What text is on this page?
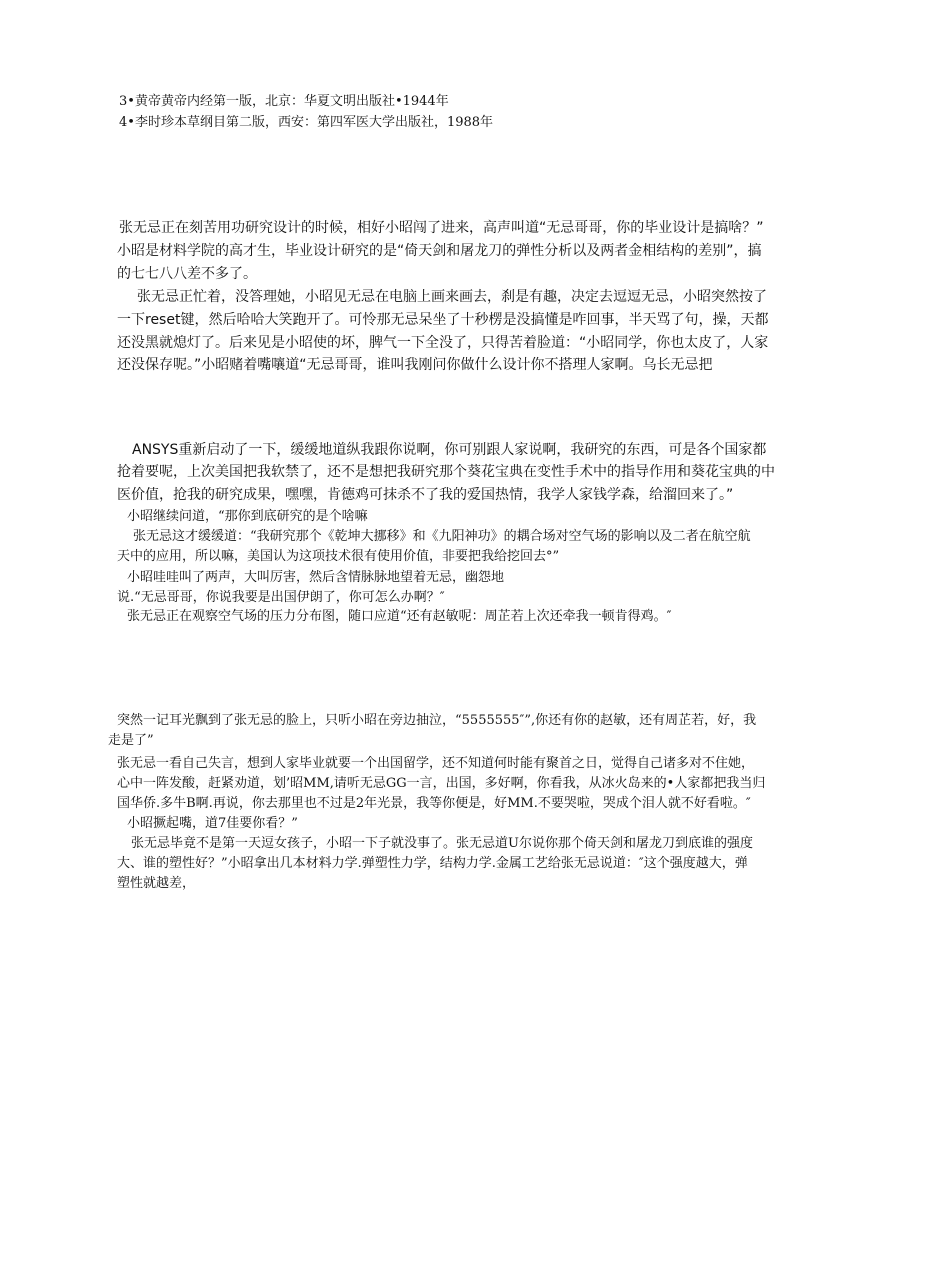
3•黄帝黄帝内经第一版，北京：华夏文明出版社•1944年
4•李时珍本草纲目第二版，西安：第四军医大学出版社，1988年
张无忌正在刻苦用功研究设计的时候，相好小昭闯了进来，高声叫道“无忌哥哥，你的毕业设计是搞啥？”
小昭是材料学院的高才生，毕业设计研究的是“倚天剑和屠龙刀的弹性分析以及两者金相结构的差别”，搞
的七七八八差不多了。
张无忌正忙着，没答理她，小昭见无忌在电脑上画来画去，刹是有趣，决定去逗逗无忌，小昭突然按了
一下reset键，然后哈哈大笑跑开了。可怜那无忌呆坐了十秒楞是没搞懂是咋回事，半天骂了句，操，天都
还没黑就熄灯了。后来见是小昭使的坏，脾气一下全没了，只得苦着脸道：“小昭同学，你也太皮了，人家
还没保存呢。”小昭赌着嘴嚷道“无忌哥哥，谁叫我刚问你做什么设计你不搭理人家啊。乌长无忌把
ANSYS重新启动了一下，缓缓地道纵我跟你说啊，你可别跟人家说啊，我研究的东西，可是各个国家都
抢着要呢，上次美国把我软禁了，还不是想把我研究那个葵花宝典在变性手术中的指导作用和葵花宝典的中
医价值，抢我的研究成果，嘿嘿，肯德鸡可抹杀不了我的爱国热情，我学人家钱学森，给溜回来了。”
小昭继续问道，“那你到底研究的是个啥嘛
张无忌这才缓缓道：“我研究那个《乾坤大挪移》和《九阳神功》的耦合场对空气场的影响以及二者在航空航
天中的应用，所以嘛，美国认为这项技术很有使用价值，非要把我给挖回去°”
小昭哇哇叫了两声，大叫厉害，然后含情脉脉地望着无忌，幽怨地
说.“无忌哥哥，你说我要是出国伊朗了，你可怎么办啊？″
张无忌正在观察空气场的压力分布图，随口应道“还有赵敏呢：周芷若上次还牵我一顿肯得鸡。″
突然一记耳光飘到了张无忌的脸上，只听小昭在旁边抽泣，“5555555″”,你还有你的赵敏，还有周芷若，好，我
走是了”
张无忌一看自己失言，想到人家毕业就要一个出国留学，还不知道何时能有聚首之日，觉得自己诸多对不住她，
心中一阵发酸，赶紧劝道，划’昭MM,请听无忌GG一言，出国，多好啊，你看我，从冰火岛来的•人家都把我当归
国华侨.多牛B啊.再说，你去那里也不过是2年光景，我等你便是，好MM.不要哭啦，哭成个泪人就不好看啦。″
小昭撅起嘴，道7佳要你看？”
张无忌毕竟不是第一天逗女孩子，小昭一下子就没事了。张无忌道U尔说你那个倚天剑和屠龙刀到底谁的强度
大、谁的塑性好？”小昭拿出几本材料力学.弹塑性力学，结构力学.金属工艺给张无忌说道：″这个强度越大，弹
塑性就越差，
